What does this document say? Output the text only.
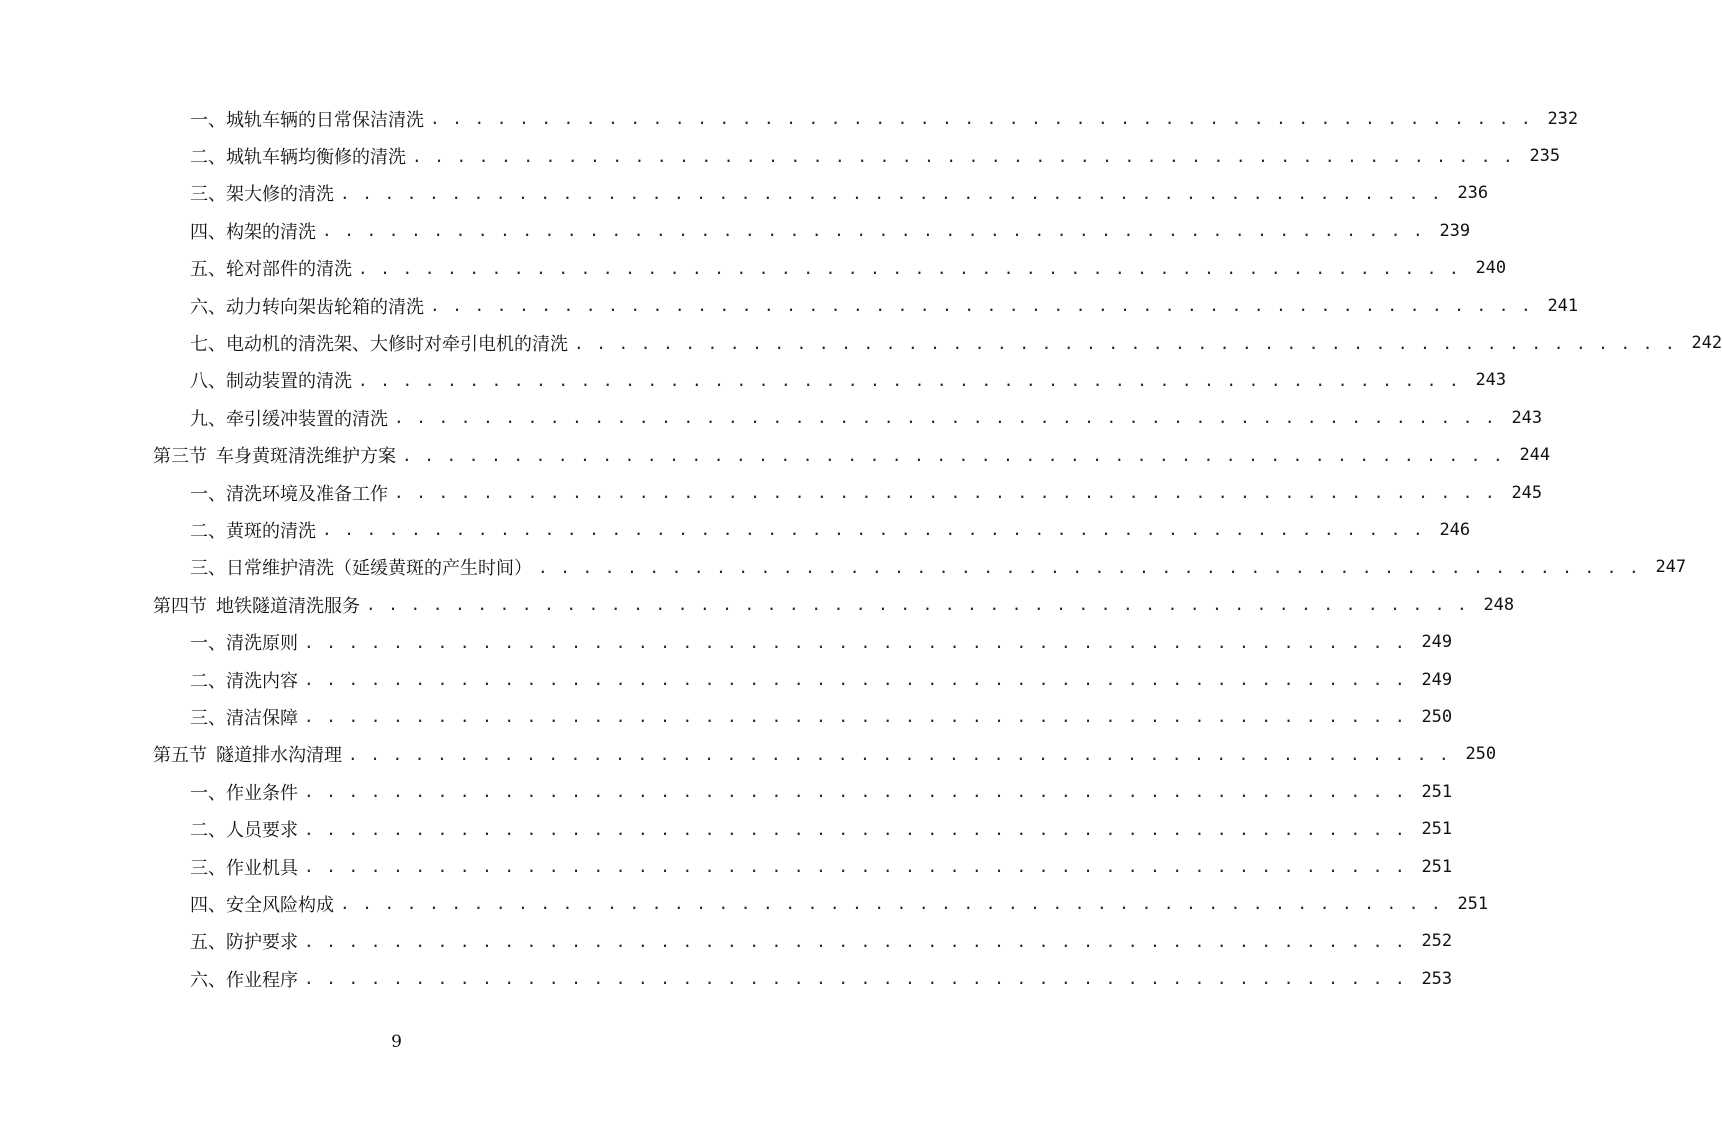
一、 城轨车辆的日常保洁清洗 . . . . . . . . . . . . . . . . . . . . . . . . . . . . . . . . . . . . . . . . . . . . . . . . . . 232
二、 城轨车辆均衡修的清洗 . . . . . . . . . . . . . . . . . . . . . . . . . . . . . . . . . . . . . . . . . . . . . . . . . . 235
三、 架大修的清洗 . . . . . . . . . . . . . . . . . . . . . . . . . . . . . . . . . . . . . . . . . . . . . . . . . . 236
四、 构架的清洗 . . . . . . . . . . . . . . . . . . . . . . . . . . . . . . . . . . . . . . . . . . . . . . . . . . 239
五、 轮对部件的清洗 . . . . . . . . . . . . . . . . . . . . . . . . . . . . . . . . . . . . . . . . . . . . . . . . . . 240
六、 动力转向架齿轮箱的清洗 . . . . . . . . . . . . . . . . . . . . . . . . . . . . . . . . . . . . . . . . . . . . . . . . . . 241
七、 电动机的清洗架、大修时对牵引电机的清洗 . . . . . . . . . . . . . . . . . . . . . . . . . . . . . . . . . . . . . . . . . . . . . . . . . . 242
八、 制动装置的清洗 . . . . . . . . . . . . . . . . . . . . . . . . . . . . . . . . . . . . . . . . . . . . . . . . . . 243
九、 牵引缓冲装置的清洗 . . . . . . . . . . . . . . . . . . . . . . . . . . . . . . . . . . . . . . . . . . . . . . . . . . 243
第三节 车身黄斑清洗维护方案 . . . . . . . . . . . . . . . . . . . . . . . . . . . . . . . . . . . . . . . . . . . . . . . . . . 244
一、 清洗环境及准备工作 . . . . . . . . . . . . . . . . . . . . . . . . . . . . . . . . . . . . . . . . . . . . . . . . . . 245
二、 黄斑的清洗 . . . . . . . . . . . . . . . . . . . . . . . . . . . . . . . . . . . . . . . . . . . . . . . . . . 246
三、 日常维护清洗（延缓黄斑的产生时间） . . . . . . . . . . . . . . . . . . . . . . . . . . . . . . . . . . . . . . . . . . . . . . . . . . 247
第四节 地铁隧道清洗服务 . . . . . . . . . . . . . . . . . . . . . . . . . . . . . . . . . . . . . . . . . . . . . . . . . . 248
一、 清洗原则 . . . . . . . . . . . . . . . . . . . . . . . . . . . . . . . . . . . . . . . . . . . . . . . . . . 249
二、 清洗内容 . . . . . . . . . . . . . . . . . . . . . . . . . . . . . . . . . . . . . . . . . . . . . . . . . . 249
三、 清洁保障 . . . . . . . . . . . . . . . . . . . . . . . . . . . . . . . . . . . . . . . . . . . . . . . . . . 250
第五节 隧道排水沟清理 . . . . . . . . . . . . . . . . . . . . . . . . . . . . . . . . . . . . . . . . . . . . . . . . . . 250
一、 作业条件 . . . . . . . . . . . . . . . . . . . . . . . . . . . . . . . . . . . . . . . . . . . . . . . . . . 251
二、 人员要求 . . . . . . . . . . . . . . . . . . . . . . . . . . . . . . . . . . . . . . . . . . . . . . . . . . 251
三、 作业机具 . . . . . . . . . . . . . . . . . . . . . . . . . . . . . . . . . . . . . . . . . . . . . . . . . . 251
四、 安全风险构成 . . . . . . . . . . . . . . . . . . . . . . . . . . . . . . . . . . . . . . . . . . . . . . . . . . 251
五、 防护要求 . . . . . . . . . . . . . . . . . . . . . . . . . . . . . . . . . . . . . . . . . . . . . . . . . . 252
六、 作业程序 . . . . . . . . . . . . . . . . . . . . . . . . . . . . . . . . . . . . . . . . . . . . . . . . . . 253
9
